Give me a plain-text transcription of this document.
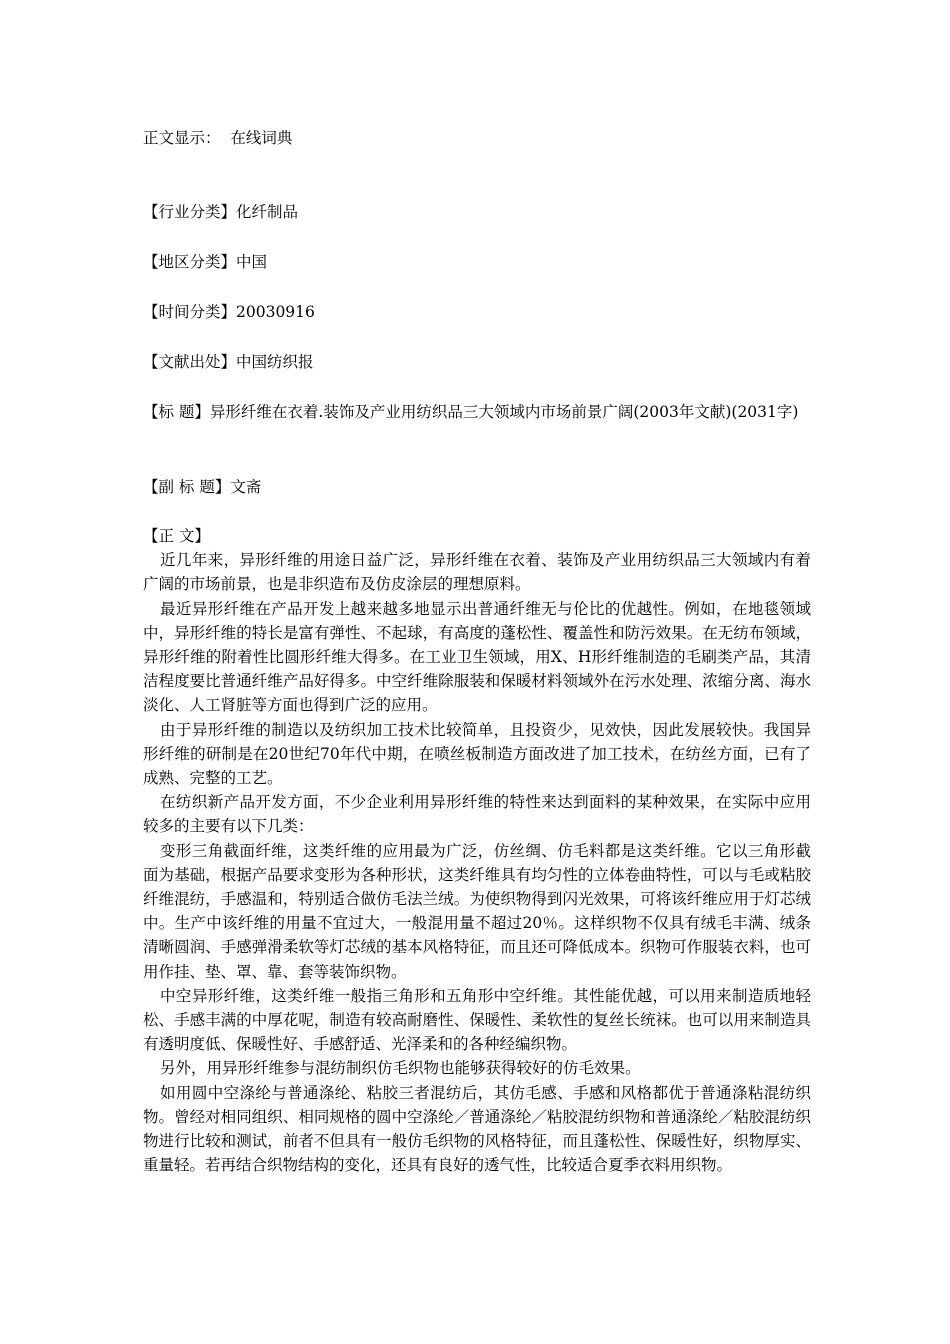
正文显示： 在线词典
【行业分类】化纤制品
【地区分类】中国
【时间分类】20030916
【文献出处】中国纺织报
【标 题】异形纤维在衣着.装饰及产业用纺织品三大领域内市场前景广阔(2003年文献)(2031字)
【副 标 题】文斋
【正 文】

近几年来，异形纤维的用途日益广泛，异形纤维在衣着、装饰及产业用纺织品三大领域内有着广阔的市场前景，也是非织造布及仿皮涂层的理想原料。

最近异形纤维在产品开发上越来越多地显示出普通纤维无与伦比的优越性。例如，在地毯领域中，异形纤维的特长是富有弹性、不起球，有高度的蓬松性、覆盖性和防污效果。在无纺布领域，异形纤维的附着性比圆形纤维大得多。在工业卫生领域，用X、H形纤维制造的毛刷类产品，其清洁程度要比普通纤维产品好得多。中空纤维除服装和保暖材料领域外在污水处理、浓缩分离、海水淡化、人工肾脏等方面也得到广泛的应用。

由于异形纤维的制造以及纺织加工技术比较简单，且投资少，见效快，因此发展较快。我国异形纤维的研制是在20世纪70年代中期，在喷丝板制造方面改进了加工技术，在纺丝方面，已有了成熟、完整的工艺。

在纺织新产品开发方面，不少企业利用异形纤维的特性来达到面料的某种效果，在实际中应用较多的主要有以下几类：

变形三角截面纤维，这类纤维的应用最为广泛，仿丝绸、仿毛料都是这类纤维。它以三角形截面为基础，根据产品要求变形为各种形状，这类纤维具有均匀性的立体卷曲特性，可以与毛或粘胶纤维混纺，手感温和，特别适合做仿毛法兰绒。为使织物得到闪光效果，可将该纤维应用于灯芯绒中。生产中该纤维的用量不宜过大，一般混用量不超过20％。这样织物不仅具有绒毛丰满、绒条清晰圆润、手感弹滑柔软等灯芯绒的基本风格特征，而且还可降低成本。织物可作服装衣料，也可用作挂、垫、罩、靠、套等装饰织物。

中空异形纤维，这类纤维一般指三角形和五角形中空纤维。其性能优越，可以用来制造质地轻松、手感丰满的中厚花呢，制造有较高耐磨性、保暖性、柔软性的复丝长统袜。也可以用来制造具有透明度低、保暖性好、手感舒适、光泽柔和的各种经编织物。

另外，用异形纤维参与混纺制织仿毛织物也能够获得较好的仿毛效果。

如用圆中空涤纶与普通涤纶、粘胶三者混纺后，其仿毛感、手感和风格都优于普通涤粘混纺织物。曾经对相同组织、相同规格的圆中空涤纶／普通涤纶／粘胶混纺织物和普通涤纶／粘胶混纺织物进行比较和测试，前者不但具有一般仿毛织物的风格特征，而且蓬松性、保暖性好，织物厚实、重量轻。若再结合织物结构的变化，还具有良好的透气性，比较适合夏季衣料用织物。
